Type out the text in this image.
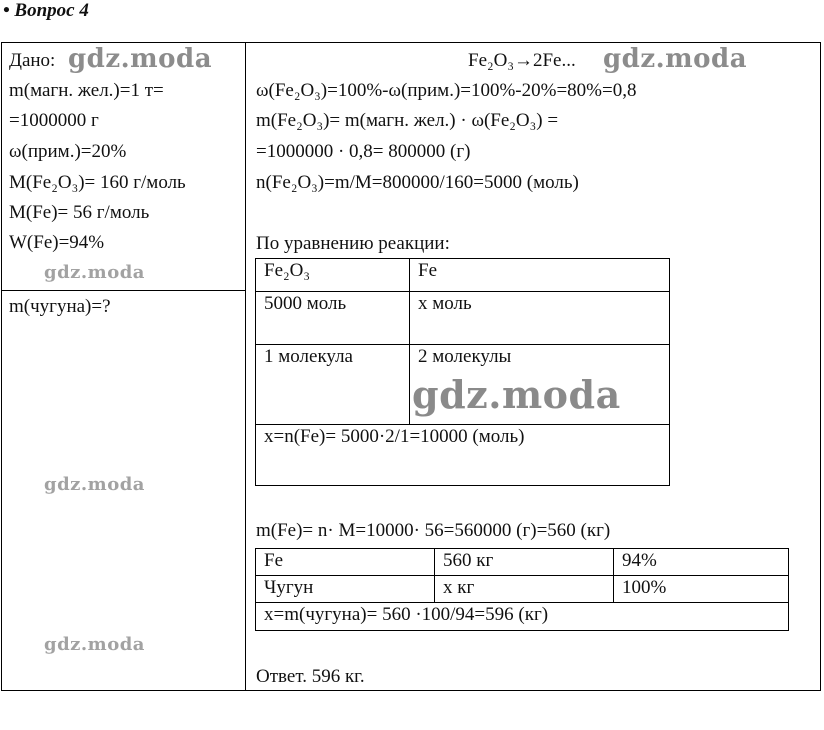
• Вопрос 4
Дано:
m(магн. жел.)=1 т=
=1000000 г
ω(прим.)=20%
M(Fe₂O₃)= 160 г/моль
M(Fe)= 56 г/моль
W(Fe)=94%
m(чугуна)=?
gdz.moda
gdz.moda
gdz.moda
gdz.moda
gdz.moda
Fe₂O₃→2Fe...
ω(Fe₂O₃)=100%-ω(прим.)=100%-20%=80%=0,8
m(Fe₂O₃)= m(магн. жел.) · ω(Fe₂O₃) =
=1000000 · 0,8= 800000 (г)
n(Fe₂O₃)=m/M=800000/160=5000 (моль)
По уравнению реакции:
Fe₂O₃	Fe
5000 моль	x моль
1 молекула	2 молекулы
x=n(Fe)= 5000·2/1=10000 (моль)	
gdz.moda
m(Fe)= n· M=10000· 56=560000 (г)=560 (кг)
Fe	560 кг	94%
Чугун	x кг	100%
x=m(чугуна)= 560 ·100/94=596 (кг)		
Ответ. 596 кг.
